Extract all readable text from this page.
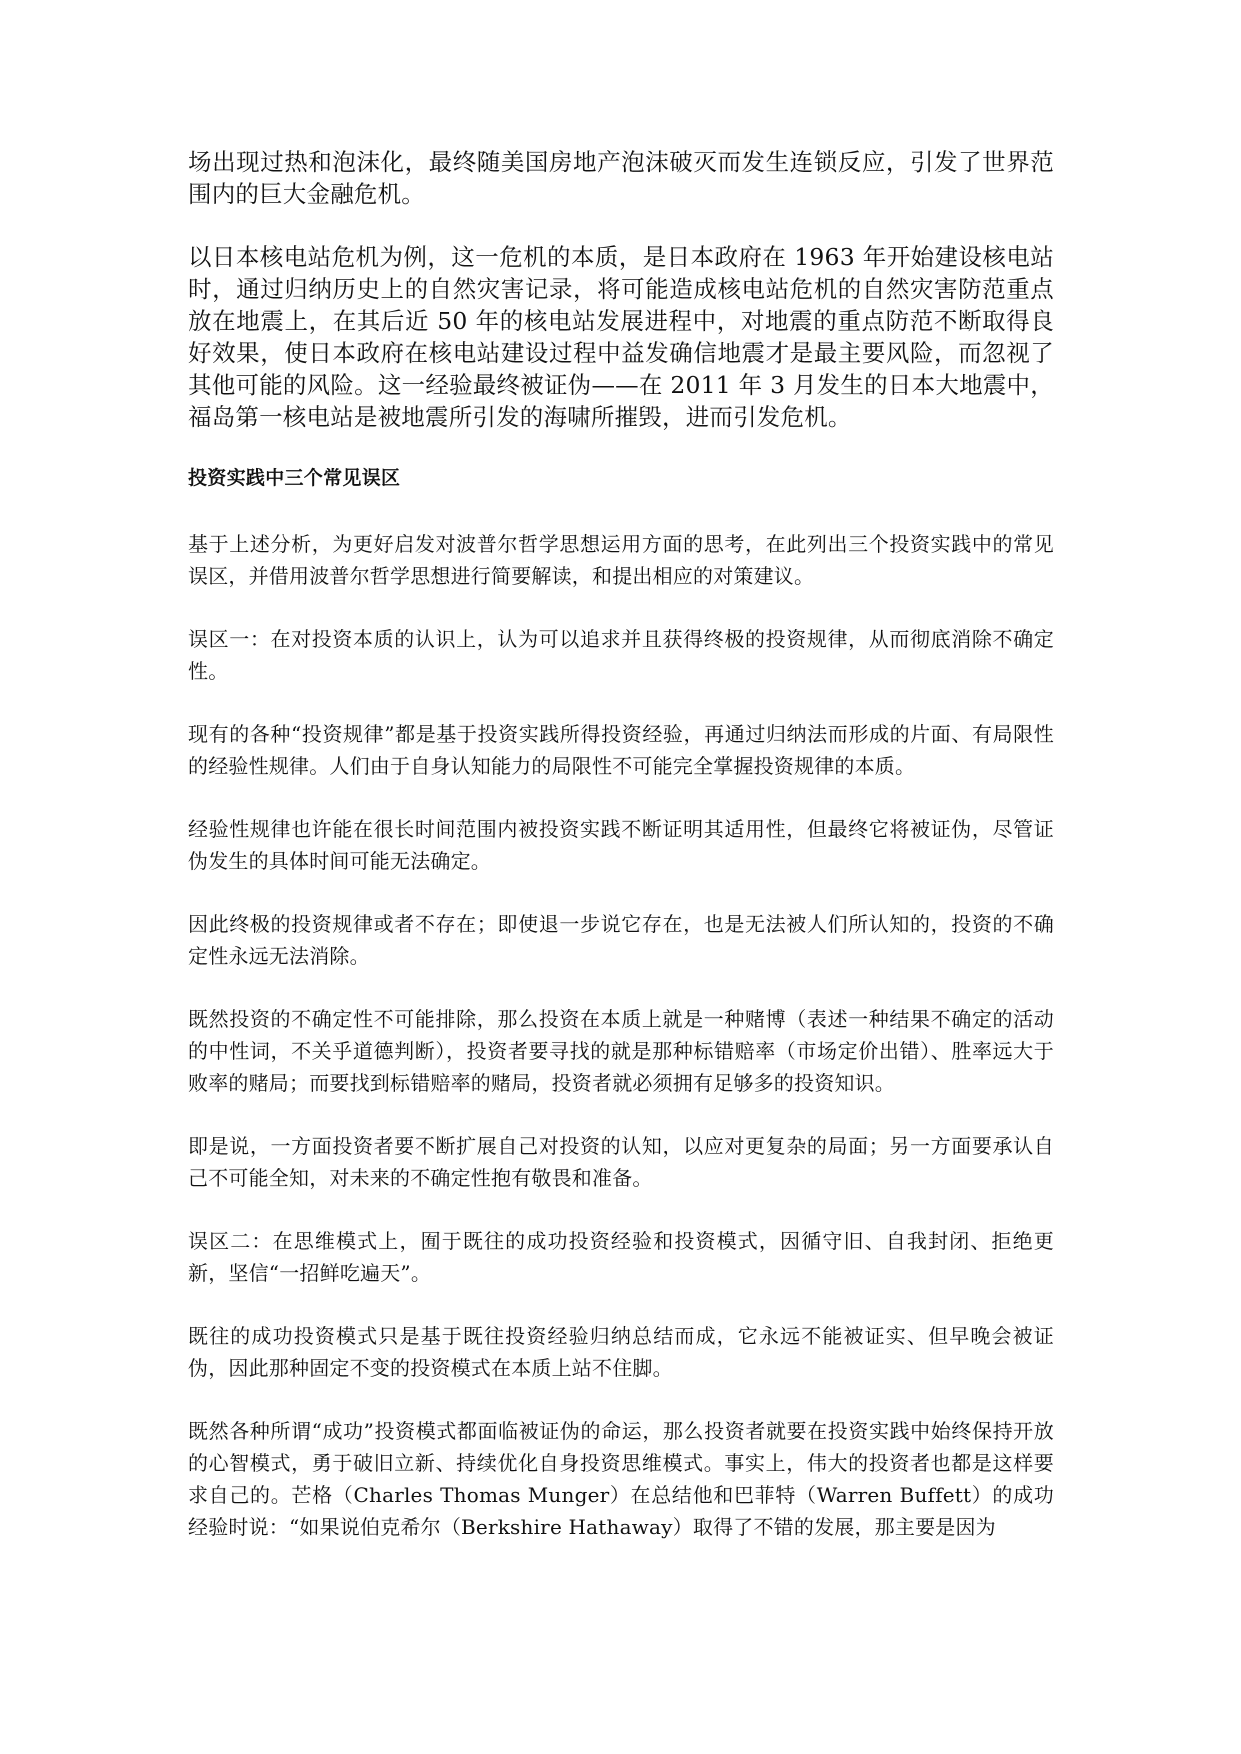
场出现过热和泡沫化，最终随美国房地产泡沫破灭而发生连锁反应，引发了世界范围内的巨大金融危机。

以日本核电站危机为例，这一危机的本质，是日本政府在 1963 年开始建设核电站时，通过归纳历史上的自然灾害记录，将可能造成核电站危机的自然灾害防范重点放在地震上，在其后近 50 年的核电站发展进程中，对地震的重点防范不断取得良好效果，使日本政府在核电站建设过程中益发确信地震才是最主要风险，而忽视了其他可能的风险。这一经验最终被证伪——在 2011 年 3 月发生的日本大地震中，福岛第一核电站是被地震所引发的海啸所摧毁，进而引发危机。

投资实践中三个常见误区

基于上述分析，为更好启发对波普尔哲学思想运用方面的思考，在此列出三个投资实践中的常见误区，并借用波普尔哲学思想进行简要解读，和提出相应的对策建议。

误区一：在对投资本质的认识上，认为可以追求并且获得终极的投资规律，从而彻底消除不确定性。

现有的各种“投资规律”都是基于投资实践所得投资经验，再通过归纳法而形成的片面、有局限性的经验性规律。人们由于自身认知能力的局限性不可能完全掌握投资规律的本质。

经验性规律也许能在很长时间范围内被投资实践不断证明其适用性，但最终它将被证伪，尽管证伪发生的具体时间可能无法确定。

因此终极的投资规律或者不存在；即使退一步说它存在，也是无法被人们所认知的，投资的不确定性永远无法消除。

既然投资的不确定性不可能排除，那么投资在本质上就是一种赌博（表述一种结果不确定的活动的中性词，不关乎道德判断），投资者要寻找的就是那种标错赔率（市场定价出错）、胜率远大于败率的赌局；而要找到标错赔率的赌局，投资者就必须拥有足够多的投资知识。

即是说，一方面投资者要不断扩展自己对投资的认知，以应对更复杂的局面；另一方面要承认自己不可能全知，对未来的不确定性抱有敬畏和准备。

误区二：在思维模式上，囿于既往的成功投资经验和投资模式，因循守旧、自我封闭、拒绝更新，坚信“一招鲜吃遍天”。

既往的成功投资模式只是基于既往投资经验归纳总结而成，它永远不能被证实、但早晚会被证伪，因此那种固定不变的投资模式在本质上站不住脚。

既然各种所谓“成功”投资模式都面临被证伪的命运，那么投资者就要在投资实践中始终保持开放的心智模式，勇于破旧立新、持续优化自身投资思维模式。事实上，伟大的投资者也都是这样要求自己的。芒格（Charles Thomas Munger）在总结他和巴菲特（Warren Buffett）的成功经验时说：“如果说伯克希尔（Berkshire Hathaway）取得了不错的发展，那主要是因为
